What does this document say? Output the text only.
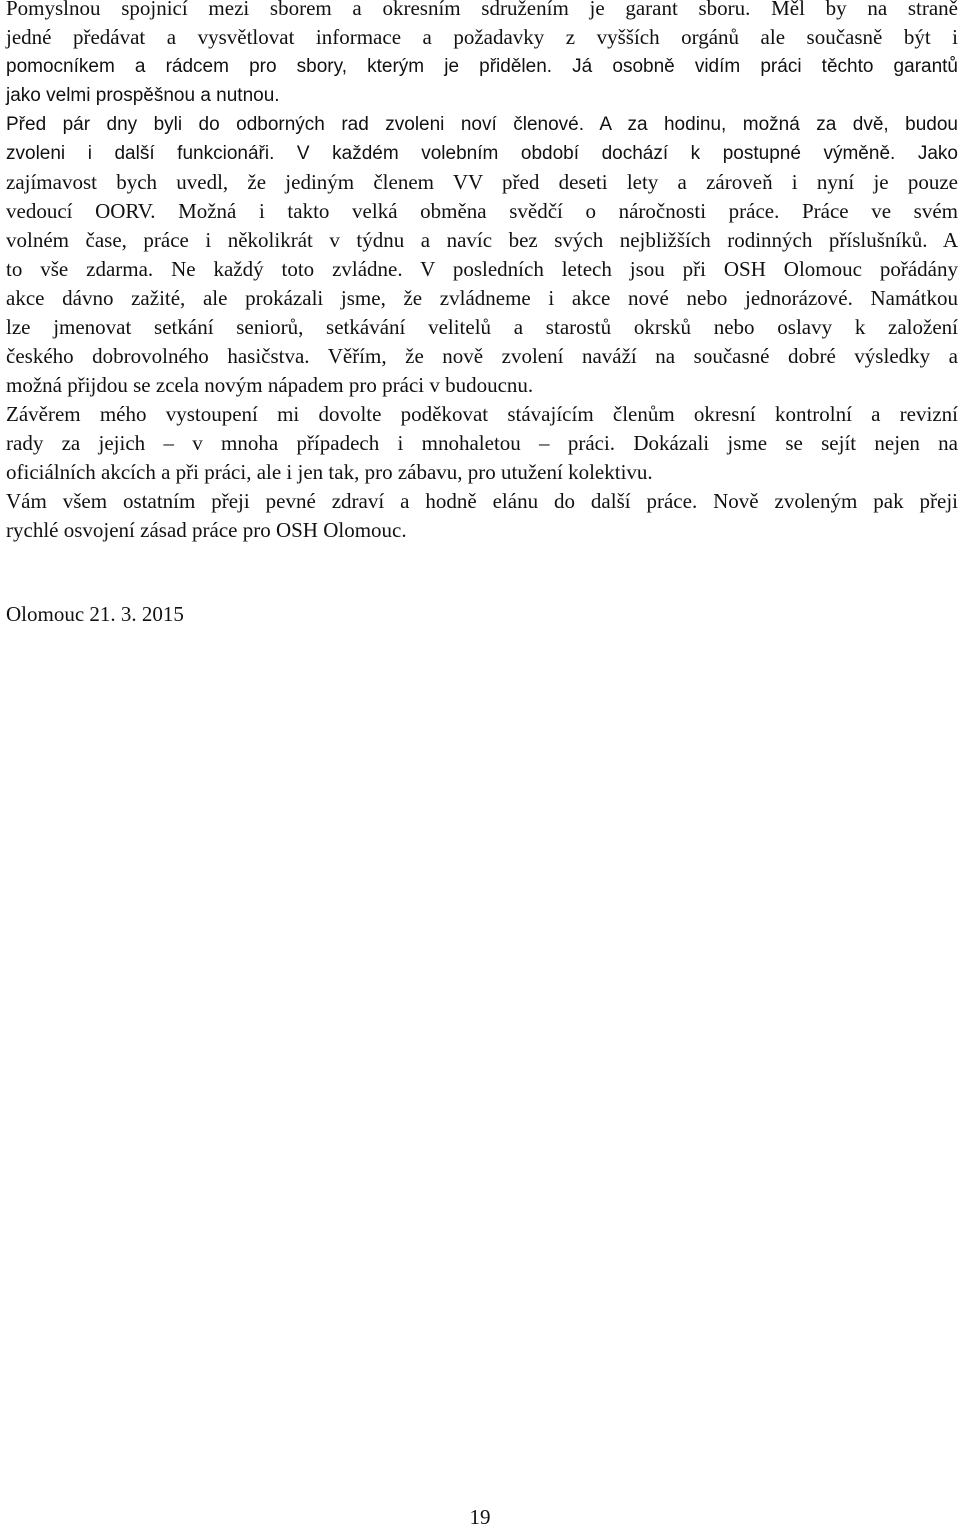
Pomyslnou spojnicí mezi sborem a okresním sdružením je garant sboru. Měl by na straně
jedné předávat a vysvětlovat informace a požadavky z vyšších orgánů ale současně být i
pomocníkem a rádcem pro sbory, kterým je přidělen. Já osobně vidím práci těchto garantů
jako velmi prospěšnou a nutnou.
Před pár dny byli do odborných rad zvoleni noví členové. A za hodinu, možná za dvě, budou
zvoleni i další funkcionáři. V každém volebním období dochází k postupné výměně. Jako
zajímavost bych uvedl, že jediným členem VV před deseti lety a zároveň i nyní je pouze
vedoucí OORV. Možná i takto velká obměna svědčí o náročnosti práce. Práce ve svém
volném čase, práce i několikrát v týdnu a navíc bez svých nejbližších rodinných příslušníků. A
to vše zdarma. Ne každý toto zvládne. V posledních letech jsou při OSH Olomouc pořádány
akce dávno zažité, ale prokázali jsme, že zvládneme i akce nové nebo jednorázové. Namátkou
lze jmenovat setkání seniorů, setkávání velitelů a starostů okrsků nebo oslavy k založení
českého dobrovolného hasičstva. Věřím, že nově zvolení naváží na současné dobré výsledky a
možná přijdou se zcela novým nápadem pro práci v budoucnu.
Závěrem mého vystoupení mi dovolte poděkovat stávajícím členům okresní kontrolní a revizní
rady za jejich – v mnoha případech i mnohaletou – práci. Dokázali jsme se sejít nejen na
oficiálních akcích a při práci, ale i jen tak, pro zábavu, pro utužení kolektivu.
Vám všem ostatním přeji pevné zdraví a hodně elánu do další práce. Nově zvoleným pak přeji
rychlé osvojení zásad práce pro OSH Olomouc.
Olomouc 21. 3. 2015
19
